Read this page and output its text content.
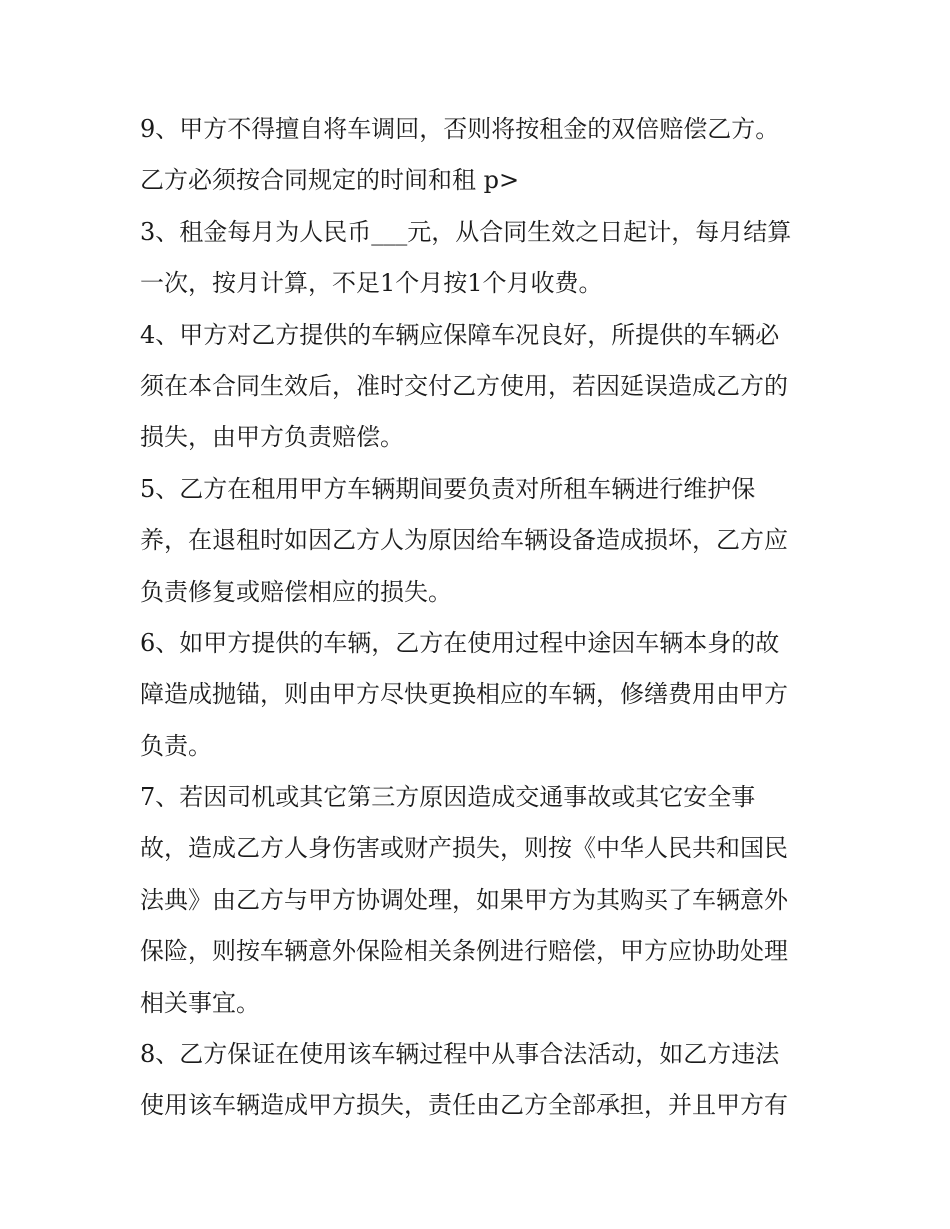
9、甲方不得擅自将车调回，否则将按租金的双倍赔偿乙方。

乙方必须按合同规定的时间和租 p>

3、租金每月为人民币___元，从合同生效之日起计，每月结算

一次，按月计算，不足1个月按1个月收费。

4、甲方对乙方提供的车辆应保障车况良好，所提供的车辆必

须在本合同生效后，准时交付乙方使用，若因延误造成乙方的

损失，由甲方负责赔偿。

5、乙方在租用甲方车辆期间要负责对所租车辆进行维护保

养，在退租时如因乙方人为原因给车辆设备造成损坏，乙方应

负责修复或赔偿相应的损失。

6、如甲方提供的车辆，乙方在使用过程中途因车辆本身的故

障造成抛锚，则由甲方尽快更换相应的车辆，修缮费用由甲方

负责。

7、若因司机或其它第三方原因造成交通事故或其它安全事

故，造成乙方人身伤害或财产损失，则按《中华人民共和国民

法典》由乙方与甲方协调处理，如果甲方为其购买了车辆意外

保险，则按车辆意外保险相关条例进行赔偿，甲方应协助处理

相关事宜。

8、乙方保证在使用该车辆过程中从事合法活动，如乙方违法

使用该车辆造成甲方损失，责任由乙方全部承担，并且甲方有
